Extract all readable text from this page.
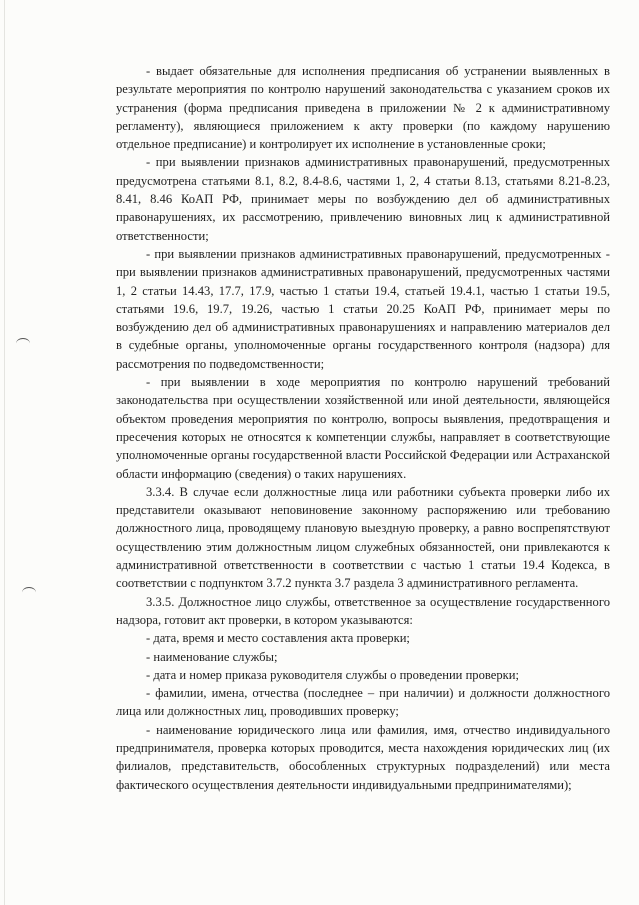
- выдает обязательные для исполнения предписания об устранении выявленных в результате мероприятия по контролю нарушений законодательства с указанием сроков их устранения (форма предписания приведена в приложении № 2 к административному регламенту), являющиеся приложением к акту проверки (по каждому нарушению отдельное предписание) и контролирует их исполнение в установленные сроки;

- при выявлении признаков административных правонарушений, предусмотренных предусмотрена статьями 8.1, 8.2, 8.4-8.6, частями 1, 2, 4 статьи 8.13, статьями 8.21-8.23, 8.41, 8.46 КоАП РФ, принимает меры по возбуждению дел об административных правонарушениях, их рассмотрению, привлечению виновных лиц к административной ответственности;

- при выявлении признаков административных правонарушений, предусмотренных - при выявлении признаков административных правонарушений, предусмотренных частями 1, 2 статьи 14.43, 17.7, 17.9, частью 1 статьи 19.4, статьей 19.4.1, частью 1 статьи 19.5, статьями 19.6, 19.7, 19.26, частью 1 статьи 20.25 КоАП РФ, принимает меры по возбуждению дел об административных правонарушениях и направлению материалов дел в судебные органы, уполномоченные органы государственного контроля (надзора) для рассмотрения по подведомственности;

- при выявлении в ходе мероприятия по контролю нарушений требований законодательства при осуществлении хозяйственной или иной деятельности, являющейся объектом проведения мероприятия по контролю, вопросы выявления, предотвращения и пресечения которых не относятся к компетенции службы, направляет в соответствующие уполномоченные органы государственной власти Российской Федерации или Астраханской области информацию (сведения) о таких нарушениях.

3.3.4. В случае если должностные лица или работники субъекта проверки либо их представители оказывают неповиновение законному распоряжению или требованию должностного лица, проводящему плановую выездную проверку, а равно воспрепятствуют осуществлению этим должностным лицом служебных обязанностей, они привлекаются к административной ответственности в соответствии с частью 1 статьи 19.4 Кодекса, в соответствии с подпунктом 3.7.2 пункта 3.7 раздела 3 административного регламента.

3.3.5. Должностное лицо службы, ответственное за осуществление государственного надзора, готовит акт проверки, в котором указываются:

- дата, время и место составления акта проверки;

- наименование службы;

- дата и номер приказа руководителя службы о проведении проверки;

- фамилии, имена, отчества (последнее – при наличии) и должности должностного лица или должностных лиц, проводивших проверку;

- наименование юридического лица или фамилия, имя, отчество индивидуального предпринимателя, проверка которых проводится, места нахождения юридических лиц (их филиалов, представительств, обособленных структурных подразделений) или места фактического осуществления деятельности индивидуальными предпринимателями);
